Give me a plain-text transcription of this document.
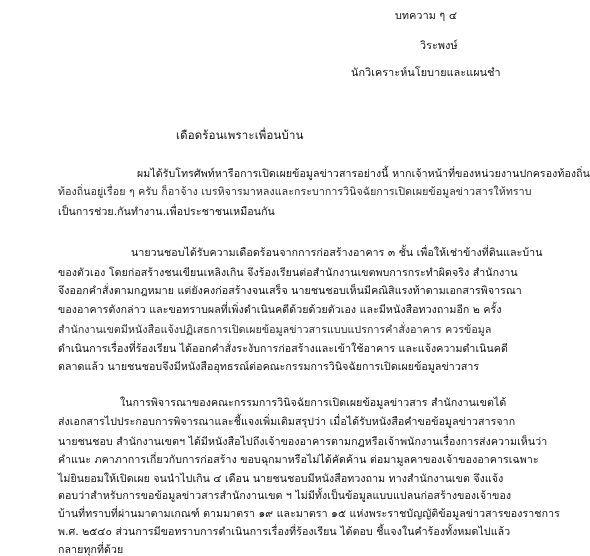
บทความ ๆ ๔
วิระพงษ์
นักวิเคราะห์นโยบายและแผนชำ
เดือดร้อนเพราะเพื่อนบ้าน
ผมได้รับโทรศัพท์หารือการเปิดเผยข้อมูลข่าวสารอย่างนี้ หากเจ้าหน้าที่ของหน่วยงานปกครองท้องถิ่น
ท้องถิ่นอยู่เรื่อย ๆ ครับ ก็อาจ้าง เบรหิจารมาหลงและกระบาการวินิจฉัยการเปิดเผยข้อมูลข่าวสารให้ทราบ
เป็นการช่วย.กันทำงาน.เพื่อประชาชนเหมือนกัน
นายวนชอบได้รับความเดือดร้อนจากการก่อสร้างอาคาร ๓ ชั้น เพื่อให้เช่าข้างที่ดินและบ้าน
ของตัวเอง โดยก่อสร้างชนเขียนเหลิงเกิน จึงร้องเรียนต่อสำนักงานเขตพบการกระทำผิดจริง สำนักงาน
จึงออกคำสั่งตามกฎหมาย แต่ยังคงก่อสร้างจนเสร็จ นายชนชอบเห็นมีคณิสิแรงท้าดามเอกสารพิจารณา
ของอาคารดังกล่าว และขอทราบผลที่เพิ่งดำเนินคดีด้วยด้วยตัวเอง และมีหนังสือทวงถามอีก ๒ ครั้ง
สำนักงานเขตมีหนังสือแจ้งปฏิเสธการเปิดเผยข้อมูลข่าวสารแบบแปรการคำสั่งอาคาร ควรข้อมูล
ดำเนินการเรื่องที่ร้องเรียน ได้ออกคำสั่งระงับการก่อสร้างและเข้าใช้อาคาร และแจ้งความดำเนินคดี
ตลาดแล้ว นายชนชอบจึงมีหนังสืออุทธรณ์ต่อคณะกรรมการวินิจฉัยการเปิดเผยข้อมูลข่าวสาร
ในการพิจารณาของคณะกรรมการวินิจฉัยการเปิดเผยข้อมูลข่าวสาร สำนักงานเขตได้
ส่งเอกสารไปประกอบการพิจารณาและชี้แจงเพิ่มเติมสรุปว่า เมื่อได้รับหนังสือคำขอข้อมูลข่าวสารจาก
นายชนชอบ สำนักงานเขตฯ ได้มีหนังสือไปถึงเจ้าของอาคารตามกฎหรือเจ้าพนักงานเรื่องการส่งความเห็นว่า
คำแนะ ภคาภาการเกี่ยวกับการก่อสร้าง ขอบฉุกมาหรือไม่ได้คัดค้าน ต่อมามูลคาของเจ้าของอาคารเฉพาะ
ไม่ยินยอมให้เปิดเผย จนนำไปเกิน ๔ เดือน นายชนชอบมีหนังสือทวงถาม ทางสำนักงานเขต จึงแจ้ง
ตอบว่าสำหรับการขอข้อมูลข่าวสารสำนักงานเขต ฯ ไม่มีทั้งเป็นข้อมูลแบบแปลนก่อสร้างของเจ้าของ
บ้านที่ทราบที่ผ่านมาตามเกณฑ์ ตามมาตรา ๑๙ และมาตรา ๑๕ แห่งพระราชบัญญัติข้อมูลข่าวสารของราชการ
พ.ศ. ๒๕๔๐ ส่วนการมีขอทราบการดำเนินการเรื่องที่ร้องเรียน ได้ตอบ ชี้แจงในคำร้องทั้งหมดไปแล้ว
กลายทุกที่ด้วย
